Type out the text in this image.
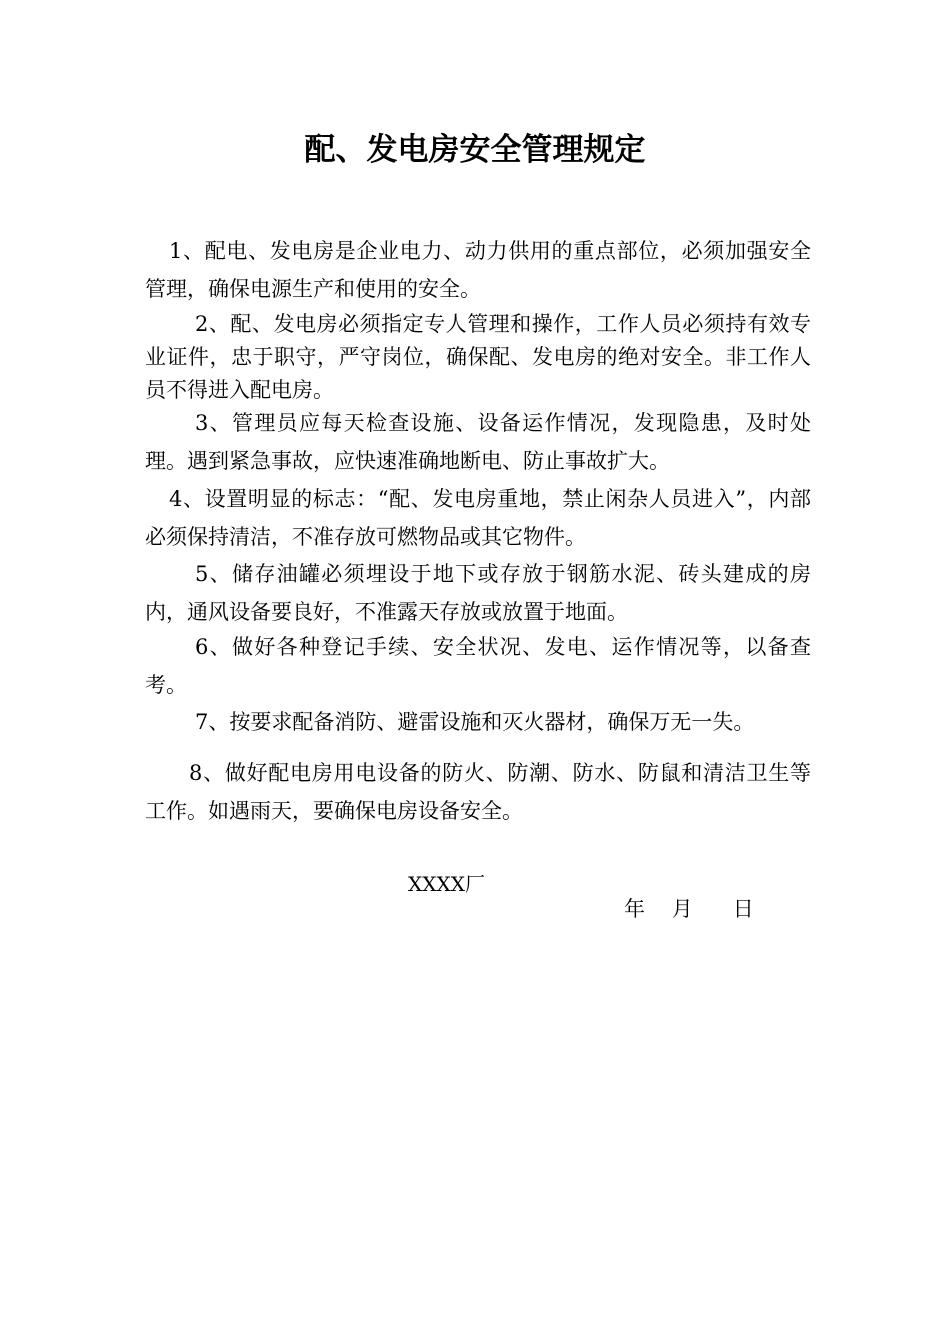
配、发电房安全管理规定

1、配电、发电房是企业电力、动力供用的重点部位，必须加强安全管理，确保电源生产和使用的安全。

2、配、发电房必须指定专人管理和操作，工作人员必须持有效专业证件，忠于职守，严守岗位，确保配、发电房的绝对安全。非工作人员不得进入配电房。

3、管理员应每天检查设施、设备运作情况，发现隐患，及时处理。遇到紧急事故，应快速准确地断电、防止事故扩大。

4、设置明显的标志：“配、发电房重地，禁止闲杂人员进入”，内部必须保持清洁，不准存放可燃物品或其它物件。

5、储存油罐必须埋设于地下或存放于钢筋水泥、砖头建成的房内，通风设备要良好，不准露天存放或放置于地面。

6、做好各种登记手续、安全状况、发电、运作情况等，以备查考。

7、按要求配备消防、避雷设施和灭火器材，确保万无一失。

8、做好配电房用电设备的防火、防潮、防水、防鼠和清洁卫生等工作。如遇雨天，要确保电房设备安全。

XXXX厂
年    月      日
